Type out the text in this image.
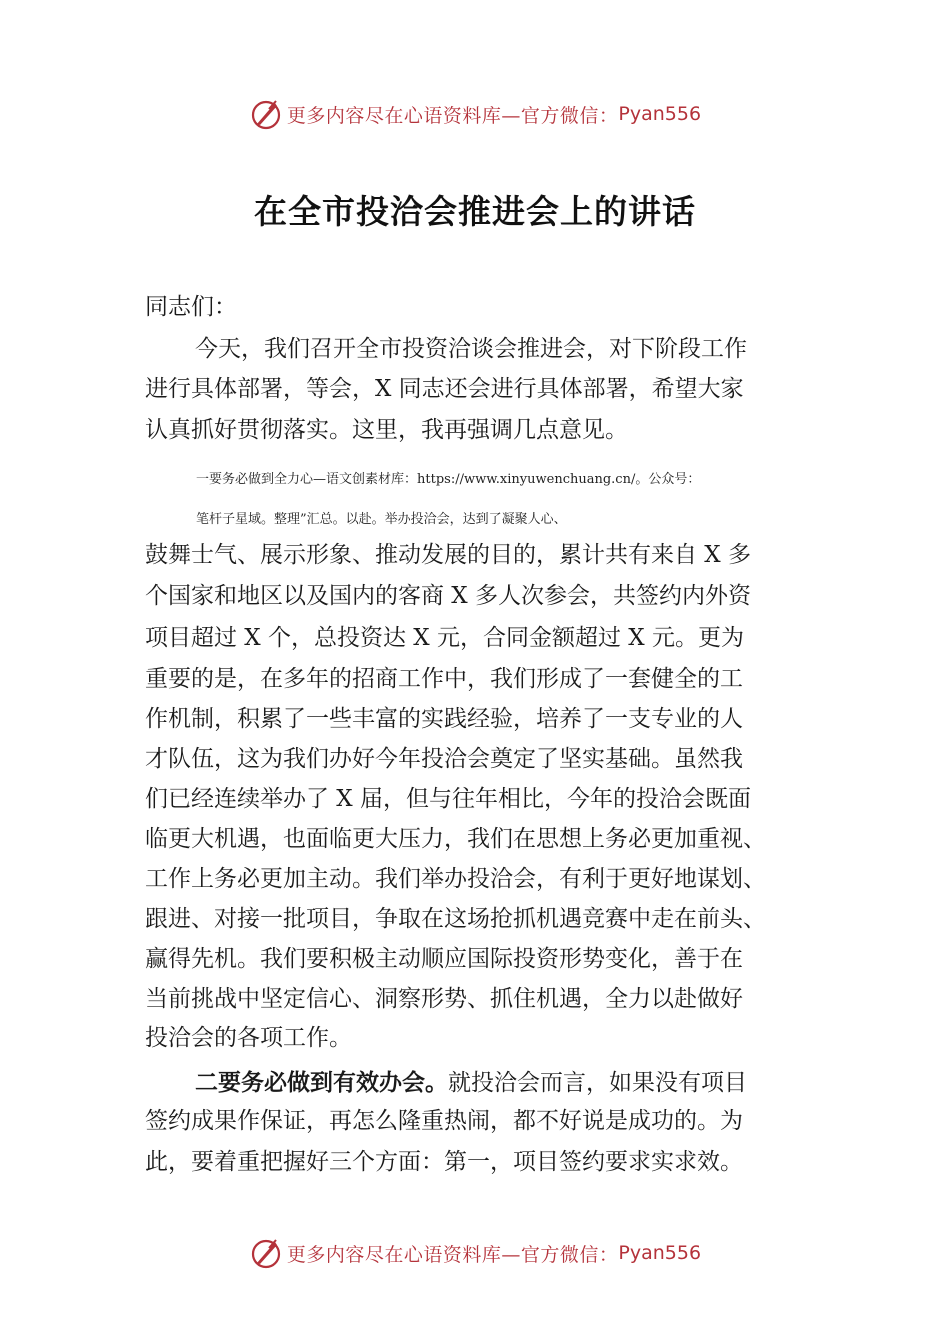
更多内容尽在心语资料库—官方微信： Pyan556
在全市投洽会推进会上的讲话
同志们：
今天，我们召开全市投资洽谈会推进会，对下阶段工作
进行具体部署，等会，X 同志还会进行具体部署，希望大家
认真抓好贯彻落实。这里，我再强调几点意见。
一要务必做到全力心—语文创素材库：https://www.xinyuwenchuang.cn/。公众号：
笔杆子星域。整理”汇总。以赴。举办投洽会，达到了凝聚人心、
鼓舞士气、展示形象、推动发展的目的，累计共有来自 X 多
个国家和地区以及国内的客商 X 多人次参会，共签约内外资
项目超过 X 个，总投资达 X 元，合同金额超过 X 元。更为
重要的是，在多年的招商工作中，我们形成了一套健全的工
作机制，积累了一些丰富的实践经验，培养了一支专业的人
才队伍，这为我们办好今年投洽会奠定了坚实基础。虽然我
们已经连续举办了 X 届，但与往年相比，今年的投洽会既面
临更大机遇，也面临更大压力，我们在思想上务必更加重视、
工作上务必更加主动。我们举办投洽会，有利于更好地谋划、
跟进、对接一批项目，争取在这场抢抓机遇竞赛中走在前头、
赢得先机。我们要积极主动顺应国际投资形势变化，善于在
当前挑战中坚定信心、洞察形势、抓住机遇，全力以赴做好
投洽会的各项工作。
二要务必做到有效办会。就投洽会而言，如果没有项目
签约成果作保证，再怎么隆重热闹，都不好说是成功的。为
此，要着重把握好三个方面：第一，项目签约要求实求效。
更多内容尽在心语资料库—官方微信： Pyan556
